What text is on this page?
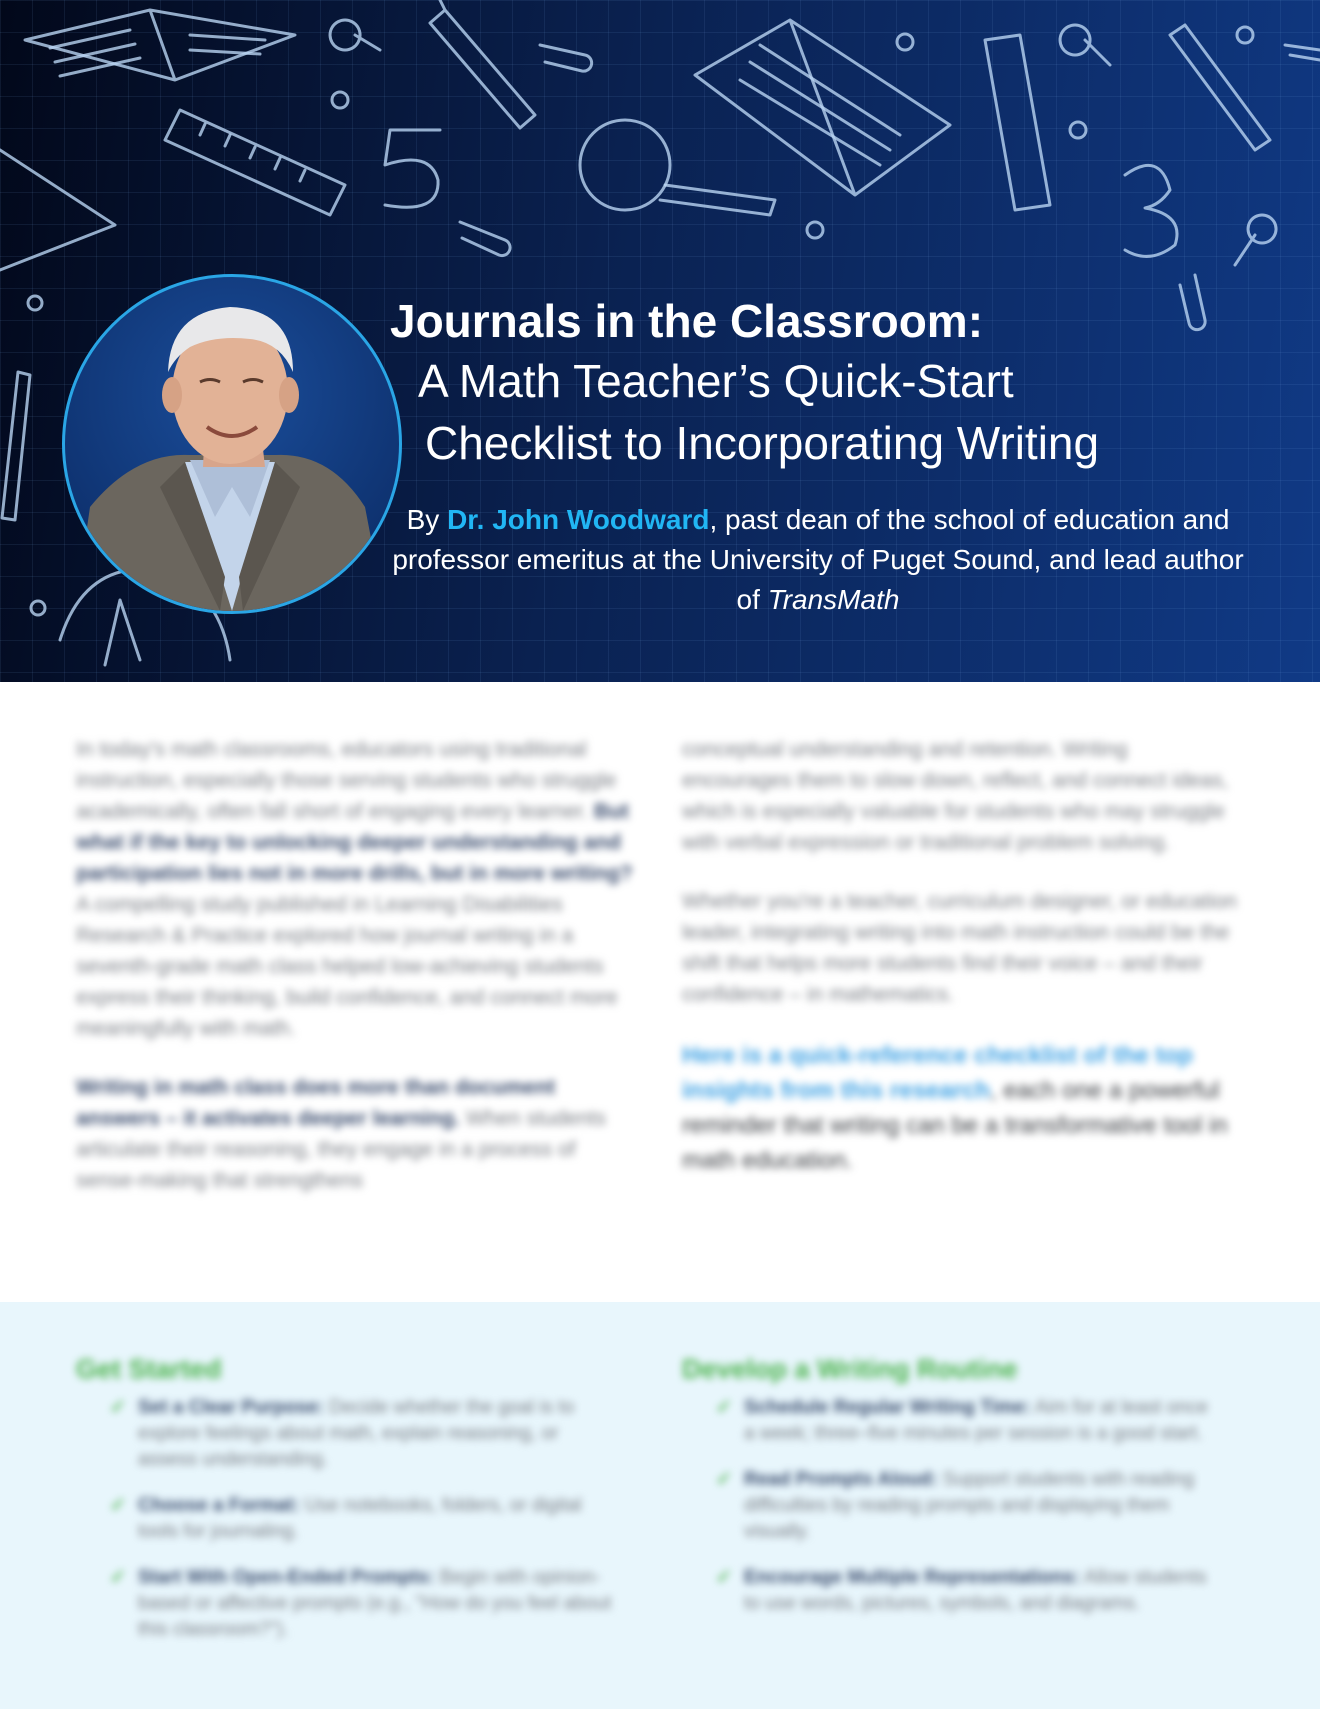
Journals in the Classroom:
A Math Teacher’s Quick-Start
Checklist to Incorporating Writing
By Dr. John Woodward, past dean of the school of education and professor emeritus at the University of Puget Sound, and lead author of TransMath

In today's math classrooms, educators using traditional instruction, especially those serving students who struggle academically, often fall short of engaging every learner. But what if the key to unlocking deeper understanding and participation lies not in more drills, but in more writing? A compelling study published in Learning Disabilities Research & Practice explored how journal writing in a seventh-grade math class helped low-achieving students express their thinking, build confidence, and connect more meaningfully with math.

Writing in math class does more than document answers – it activates deeper learning. When students articulate their reasoning, they engage in a process of sense-making that strengthens

conceptual understanding and retention. Writing encourages them to slow down, reflect, and connect ideas, which is especially valuable for students who may struggle with verbal expression or traditional problem solving.

Whether you're a teacher, curriculum designer, or education leader, integrating writing into math instruction could be the shift that helps more students find their voice – and their confidence – in mathematics.

Here is a quick-reference checklist of the top insights from this research, each one a powerful reminder that writing can be a transformative tool in math education.

Get Started
✓ Set a Clear Purpose: Decide whether the goal is to explore feelings about math, explain reasoning, or assess understanding.
✓ Choose a Format: Use notebooks, folders, or digital tools for journaling.
✓ Start With Open-Ended Prompts: Begin with opinion-based or affective prompts (e.g., "How do you feel about this classroom?").
Develop a Writing Routine
✓ Schedule Regular Writing Time: Aim for at least once a week; three–five minutes per session is a good start.
✓ Read Prompts Aloud: Support students with reading difficulties by reading prompts and displaying them visually.
✓ Encourage Multiple Representations: Allow students to use words, pictures, symbols, and diagrams.
